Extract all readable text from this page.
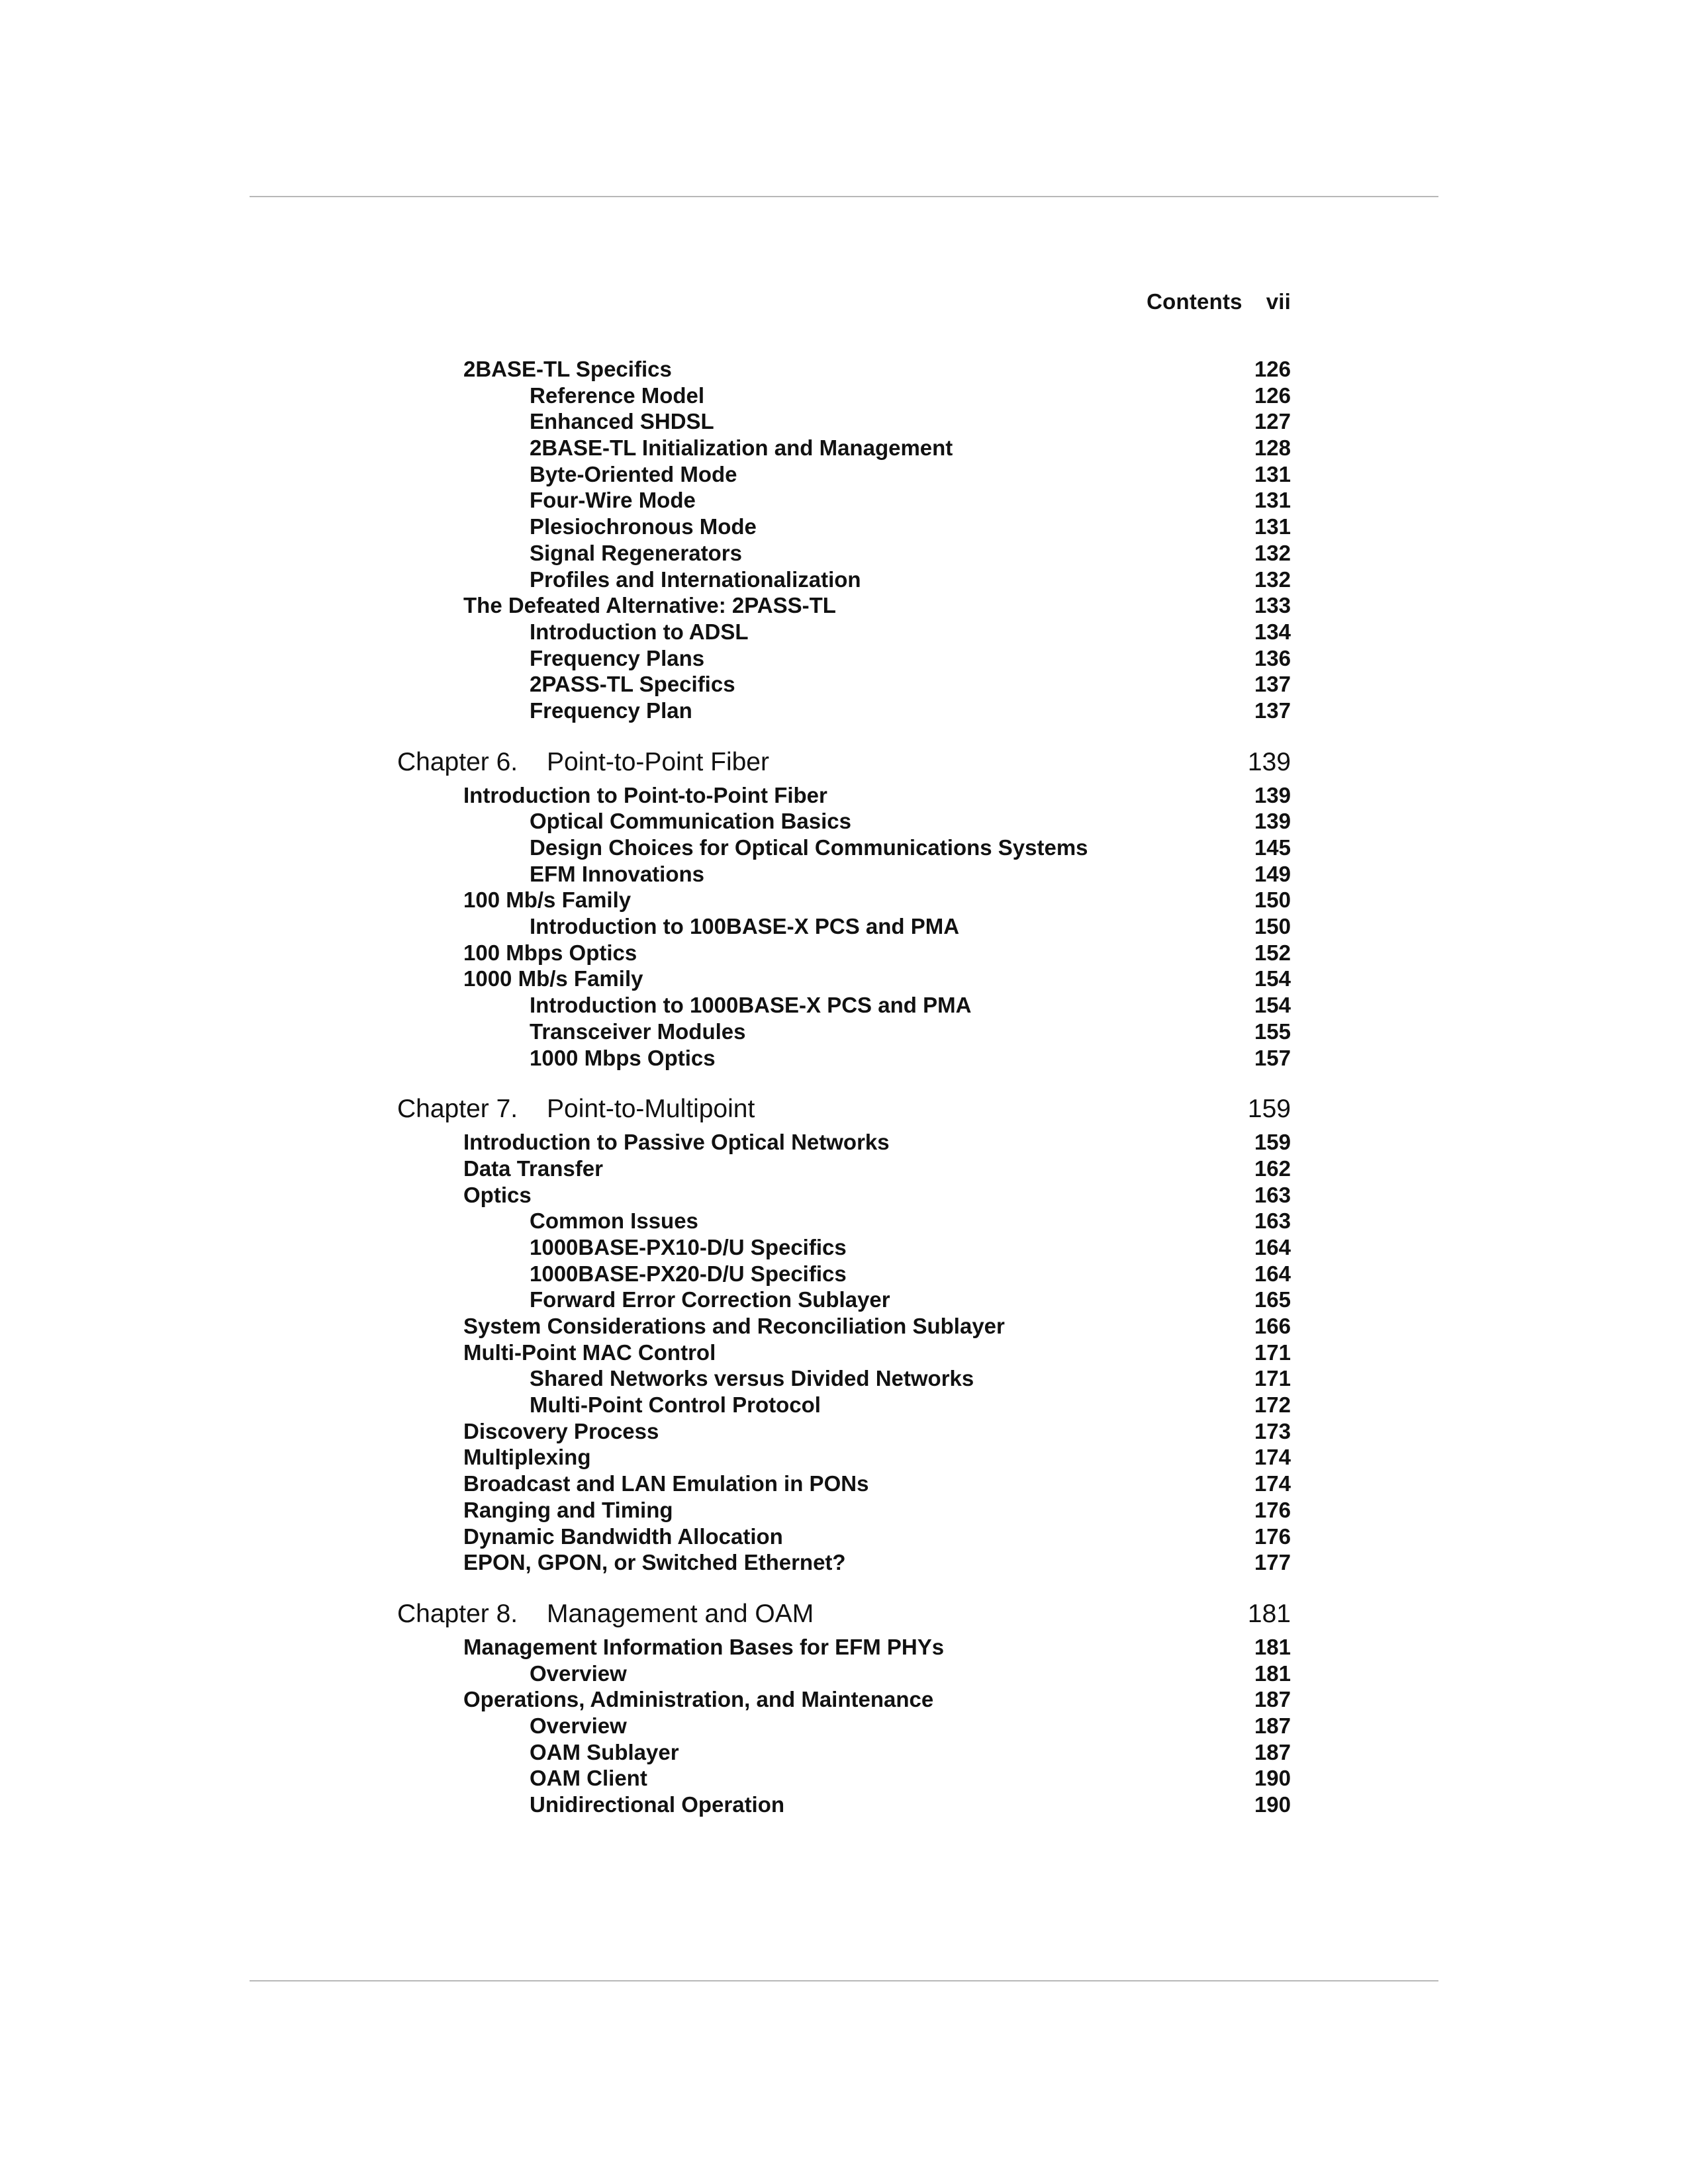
Contents vii
2BASE-TL Specifics	126
Reference Model	126
Enhanced SHDSL	127
2BASE-TL Initialization and Management	128
Byte-Oriented Mode	131
Four-Wire Mode	131
Plesiochronous Mode	131
Signal Regenerators	132
Profiles and Internationalization	132
The Defeated Alternative: 2PASS-TL	133
Introduction to ADSL	134
Frequency Plans	136
2PASS-TL Specifics	137
Frequency Plan	137
Chapter 6. Point-to-Point Fiber	139
Introduction to Point-to-Point Fiber	139
Optical Communication Basics	139
Design Choices for Optical Communications Systems	145
EFM Innovations	149
100 Mb/s Family	150
Introduction to 100BASE-X PCS and PMA	150
100 Mbps Optics	152
1000 Mb/s Family	154
Introduction to 1000BASE-X PCS and PMA	154
Transceiver Modules	155
1000 Mbps Optics	157
Chapter 7. Point-to-Multipoint	159
Introduction to Passive Optical Networks	159
Data Transfer	162
Optics	163
Common Issues	163
1000BASE-PX10-D/U Specifics	164
1000BASE-PX20-D/U Specifics	164
Forward Error Correction Sublayer	165
System Considerations and Reconciliation Sublayer	166
Multi-Point MAC Control	171
Shared Networks versus Divided Networks	171
Multi-Point Control Protocol	172
Discovery Process	173
Multiplexing	174
Broadcast and LAN Emulation in PONs	174
Ranging and Timing	176
Dynamic Bandwidth Allocation	176
EPON, GPON, or Switched Ethernet?	177
Chapter 8. Management and OAM	181
Management Information Bases for EFM PHYs	181
Overview	181
Operations, Administration, and Maintenance	187
Overview	187
OAM Sublayer	187
OAM Client	190
Unidirectional Operation	190
